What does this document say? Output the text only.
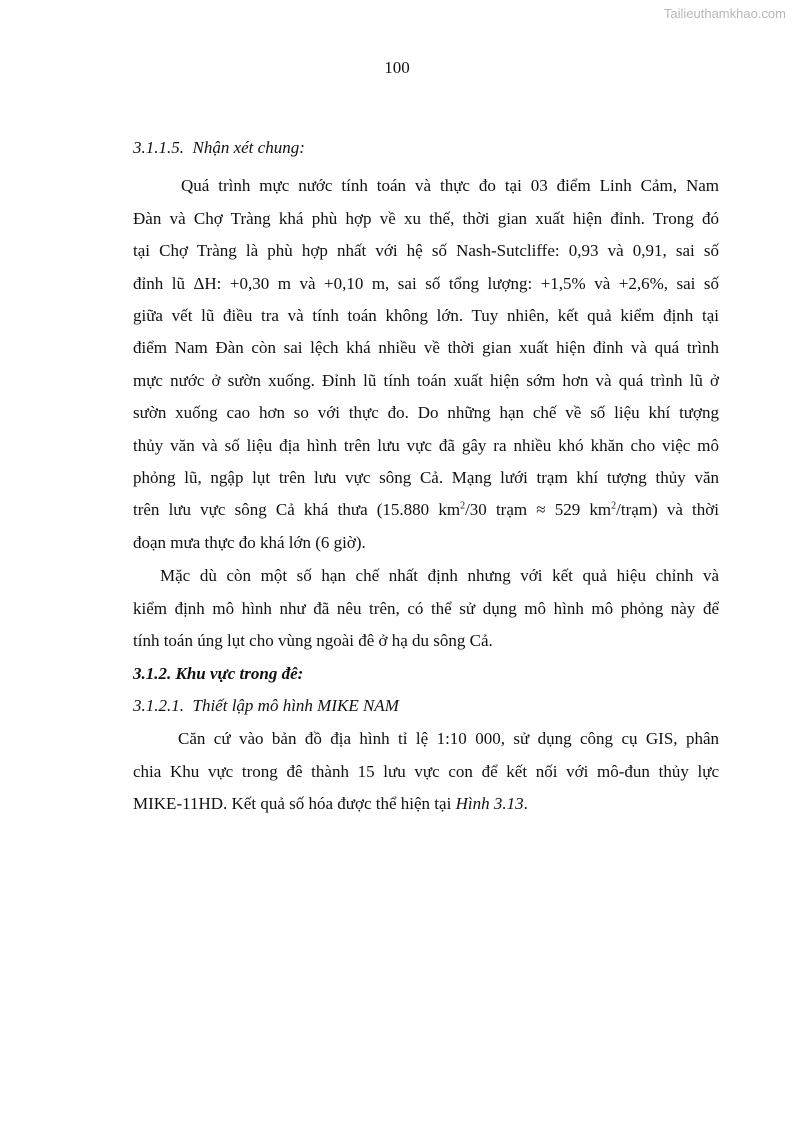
Tailieuthamkhao.com
100

3.1.1.5. Nhận xét chung:

Quá trình mực nước tính toán và thực đo tại 03 điểm Linh Cảm, Nam
Đàn và Chợ Tràng khá phù hợp về xu thế, thời gian xuất hiện đỉnh. Trong đó
tại Chợ Tràng là phù hợp nhất với hệ số Nash-Sutcliffe: 0,93 và 0,91, sai số
đỉnh lũ ΔH: +0,30 m và +0,10 m, sai số tổng lượng: +1,5% và +2,6%, sai số
giữa vết lũ điều tra và tính toán không lớn. Tuy nhiên, kết quả kiểm định tại
điểm Nam Đàn còn sai lệch khá nhiều về thời gian xuất hiện đỉnh và quá trình
mực nước ở sườn xuống. Đỉnh lũ tính toán xuất hiện sớm hơn và quá trình lũ ở
sườn xuống cao hơn so với thực đo. Do những hạn chế về số liệu khí tượng
thủy văn và số liệu địa hình trên lưu vực đã gây ra nhiều khó khăn cho việc mô
phỏng lũ, ngập lụt trên lưu vực sông Cả. Mạng lưới trạm khí tượng thủy văn
trên lưu vực sông Cả khá thưa (15.880 $km^2/30$ trạm ≈ 529 $km^2/trạm$) và thời
đoạn mưa thực đo khá lớn (6 giờ).
Mặc dù còn một số hạn chế nhất định nhưng với kết quả hiệu chỉnh và
kiểm định mô hình như đã nêu trên, có thể sử dụng mô hình mô phỏng này để
tính toán úng lụt cho vùng ngoài đê ở hạ du sông Cả.

3.1.2. Khu vực trong đê:

3.1.2.1. Thiết lập mô hình MIKE NAM

Căn cứ vào bản đồ địa hình tỉ lệ 1:10 000, sử dụng công cụ GIS, phân
chia Khu vực trong đê thành 15 lưu vực con để kết nối với mô-đun thủy lực
MIKE-11HD. Kết quả số hóa được thể hiện tại Hình 3.13.
